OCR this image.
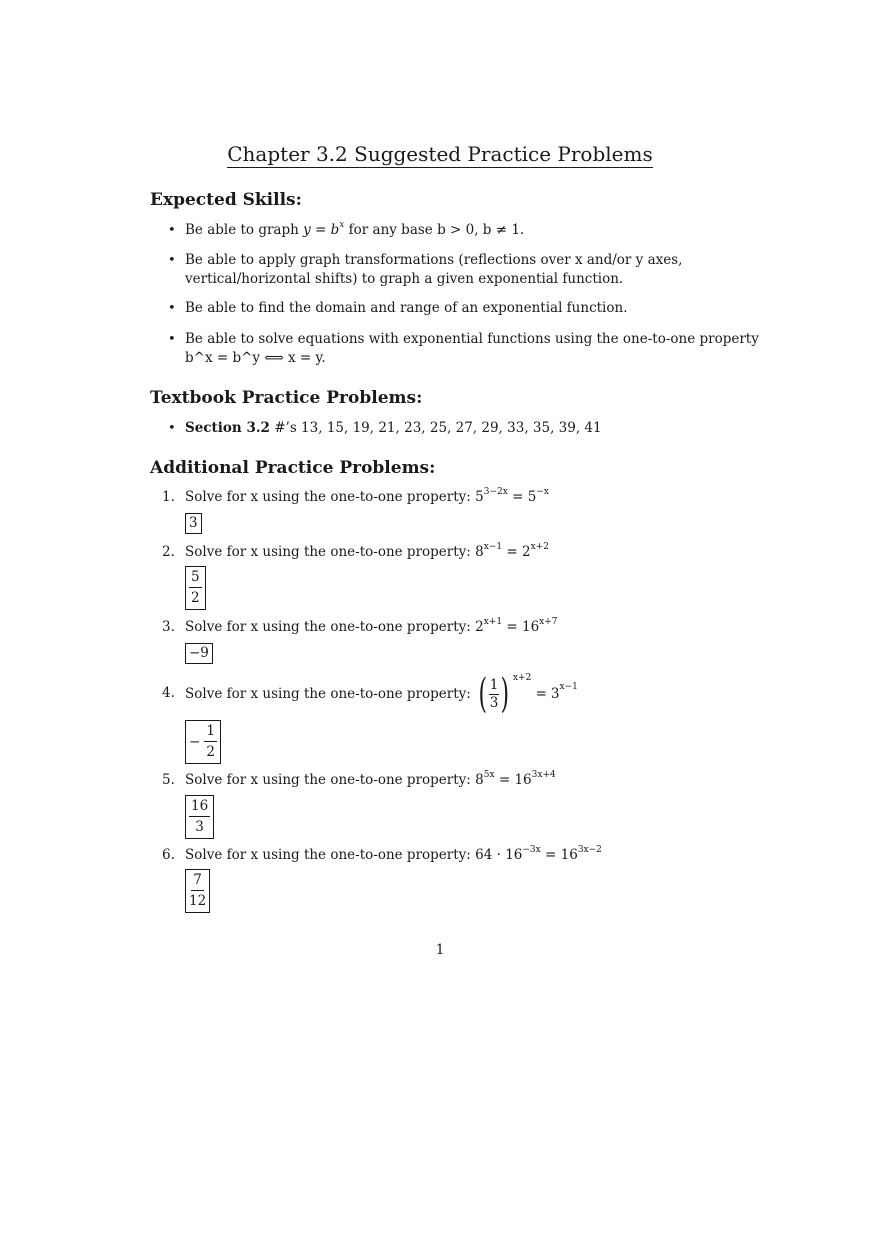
Chapter 3.2 Suggested Practice Problems
Expected Skills:
• Be able to graph $y = b^x$ for any base b > 0, b ≠ 1.
• Be able to apply graph transformations (reflections over x and/or y axes, vertical/horizontal shifts) to graph a given exponential function.
• Be able to find the domain and range of an exponential function.
• Be able to solve equations with exponential functions using the one-to-one property
b^x = b^y ⟺ x = y.
Textbook Practice Problems:
• Section 3.2 #’s 13, 15, 19, 21, 23, 25, 27, 29, 33, 35, 39, 41
Additional Practice Problems:
1. Solve for x using the one-to-one property: $5^{3-2x} = 5^{-x}$
3
2. Solve for x using the one-to-one property: $8^{x-1} = 2^{x+2}$
$\frac{5}{2}$
3. Solve for x using the one-to-one property: $2^{x+1} = 16^{x+7}$
−9
4. Solve for x using the one-to-one property:
( $\frac{1}{3}$ ) $^{x+2}$
= $3^{x-1}$
− $\frac{1}{2}$
5. Solve for x using the one-to-one property: $8^{5x} = 16^{3x+4}$
$\frac{16}{3}$
6. Solve for x using the one-to-one property: $64 \cdot 16^{-3x} = 16^{3x-2}$
$\frac{7}{12}$
1
